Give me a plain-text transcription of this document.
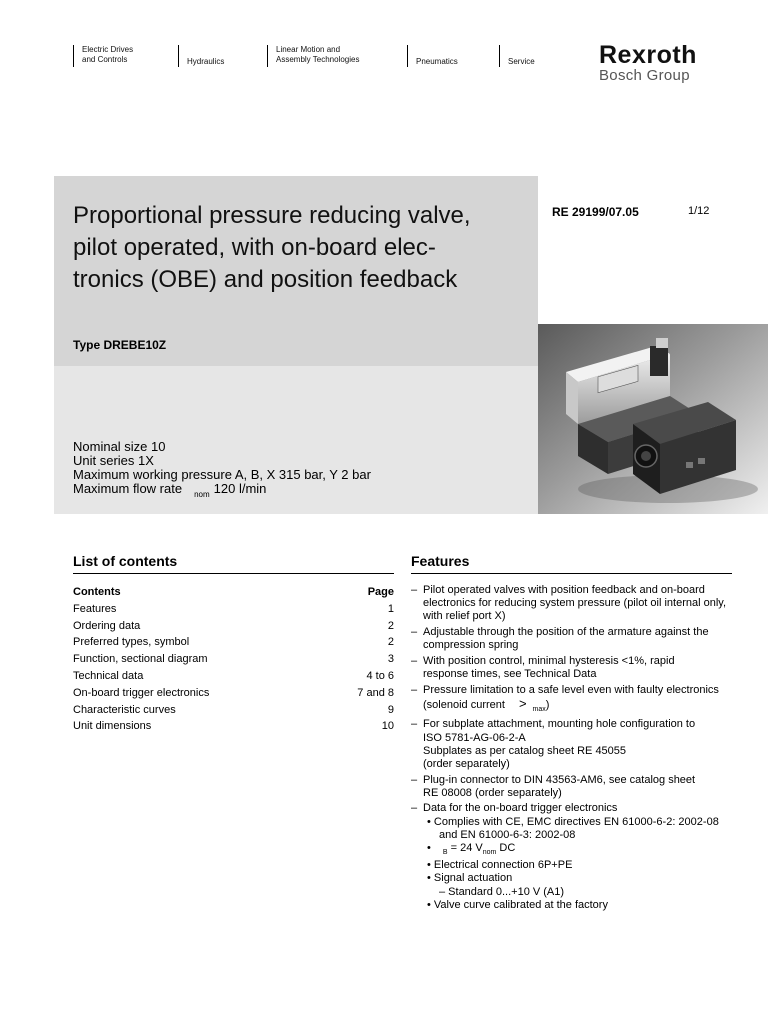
Electric Drives
and Controls	Hydraulics
Linear Motion and
Assembly Technologies	Pneumatics	Service	Rexroth
Bosch Group
Proportional pressure reducing valve,
pilot operated, with on-board elec-
tronics (OBE) and position feedback
RE 29199/07.05	1/12
Type DREBE10Z
Nominal size 10
Unit series 1X
Maximum working pressure A, B, X 315 bar, Y 2 bar
Maximum flow rate $_{nom}$ 120 l/min
List of contents
Contents	Page
Features	1
Ordering data	2
Preferred types, symbol	2
Function, sectional diagram	3
Technical data	4 to 6
On-board trigger electronics	7 and 8
Characteristic curves	9
Unit dimensions	10
Features
– Pilot operated valves with position feedback and on-board
electronics for reducing system pressure (pilot oil internal only,
with relief port X)
– Adjustable through the position of the armature against the
compression spring
– With position control, minimal hysteresis <1%, rapid
response times, see Technical Data
– Pressure limitation to a safe level even with faulty electronics
(solenoid current > $_{max}$)
– For subplate attachment, mounting hole configuration to
ISO 5781-AG-06-2-A
Subplates as per catalog sheet RE 45055
(order separately)
– Plug-in connector to DIN 43563-AM6, see catalog sheet
RE 08008 (order separately)
– Data for the on-board trigger electronics
• Complies with CE, EMC directives EN 61000-6-2: 2002-08
and EN 61000-6-3: 2002-08
• $_B$ = 24 $V_{nom}$ DC
• Electrical connection 6P+PE
• Signal actuation
– Standard 0...+10 V (A1)
• Valve curve calibrated at the factory
